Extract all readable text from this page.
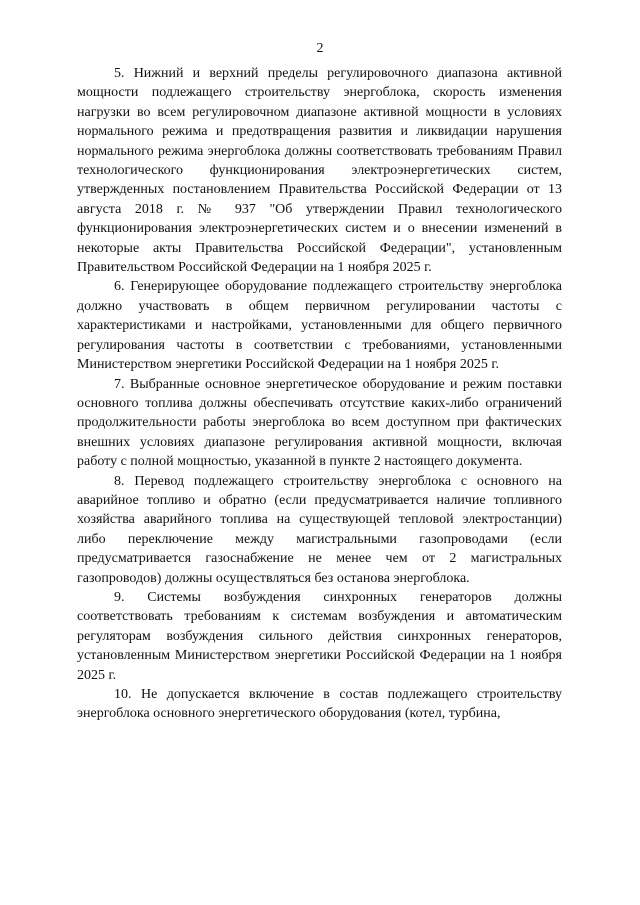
2

5. Нижний и верхний пределы регулировочного диапазона активной мощности подлежащего строительству энергоблока, скорость изменения нагрузки во всем регулировочном диапазоне активной мощности в условиях нормального режима и предотвращения развития и ликвидации нарушения нормального режима энергоблока должны соответствовать требованиям Правил технологического функционирования электроэнергетических систем, утвержденных постановлением Правительства Российской Федерации от 13 августа 2018 г. № 937 "Об утверждении Правил технологического функционирования электроэнергетических систем и о внесении изменений в некоторые акты Правительства Российской Федерации", установленным Правительством Российской Федерации на 1 ноября 2025 г.

6. Генерирующее оборудование подлежащего строительству энергоблока должно участвовать в общем первичном регулировании частоты с характеристиками и настройками, установленными для общего первичного регулирования частоты в соответствии с требованиями, установленными Министерством энергетики Российской Федерации на 1 ноября 2025 г.

7. Выбранные основное энергетическое оборудование и режим поставки основного топлива должны обеспечивать отсутствие каких-либо ограничений продолжительности работы энергоблока во всем доступном при фактических внешних условиях диапазоне регулирования активной мощности, включая работу с полной мощностью, указанной в пункте 2 настоящего документа.

8. Перевод подлежащего строительству энергоблока с основного на аварийное топливо и обратно (если предусматривается наличие топливного хозяйства аварийного топлива на существующей тепловой электростанции) либо переключение между магистральными газопроводами (если предусматривается газоснабжение не менее чем от 2 магистральных газопроводов) должны осуществляться без останова энергоблока.

9. Системы возбуждения синхронных генераторов должны соответствовать требованиям к системам возбуждения и автоматическим регуляторам возбуждения сильного действия синхронных генераторов, установленным Министерством энергетики Российской Федерации на 1 ноября 2025 г.

10. Не допускается включение в состав подлежащего строительству энергоблока основного энергетического оборудования (котел, турбина,
